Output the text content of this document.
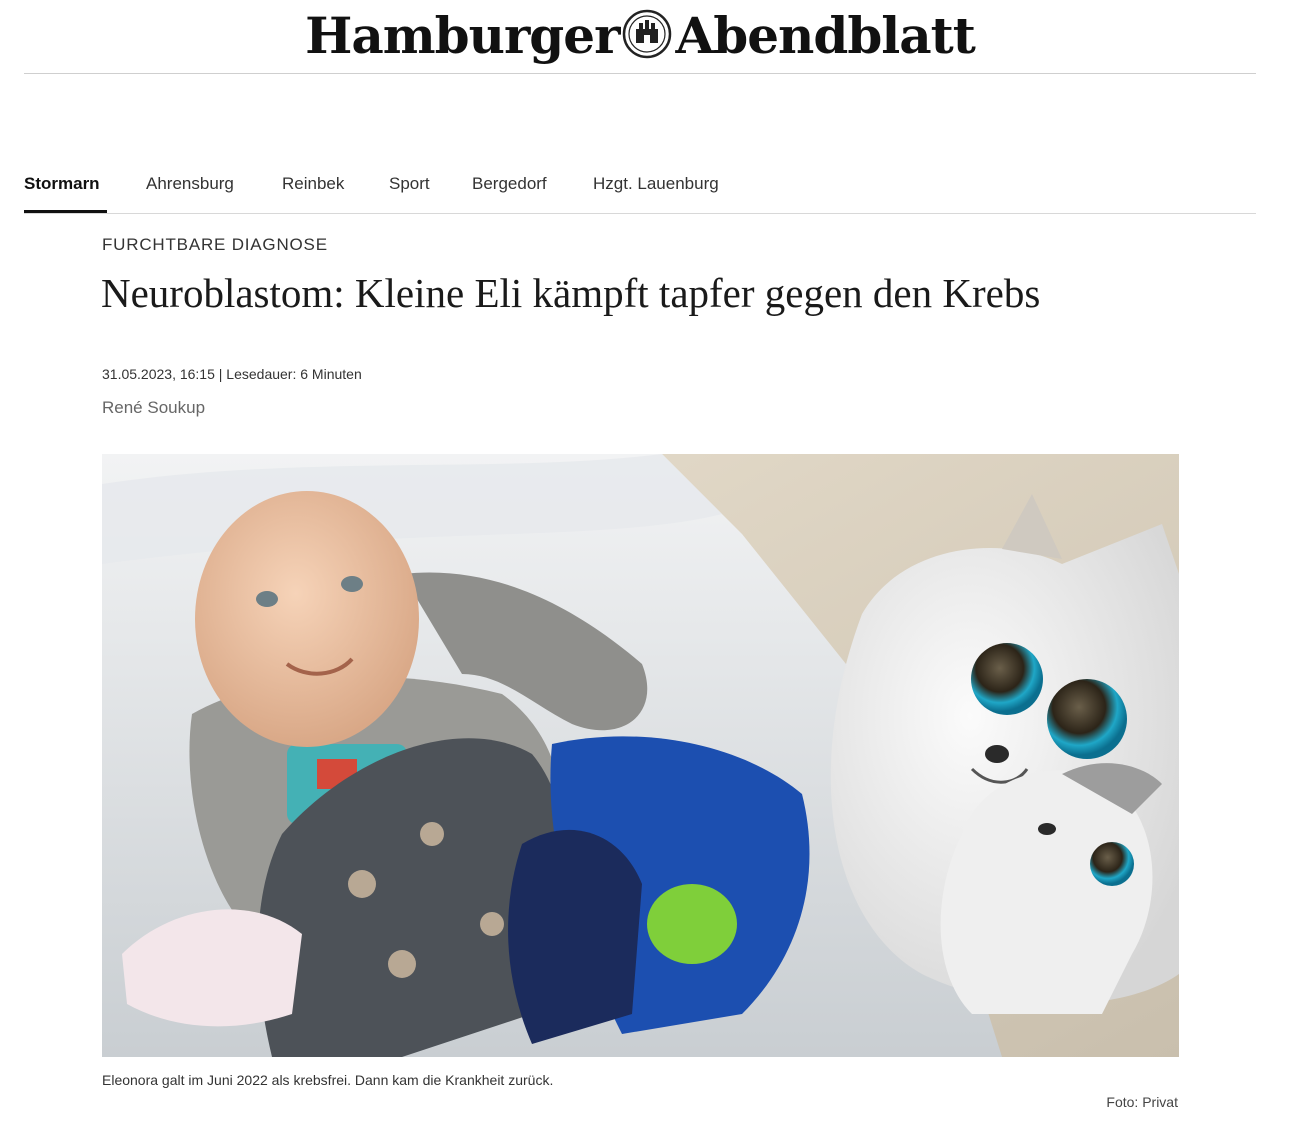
Hamburger Abendblatt
Stormarn	Ahrensburg	Reinbek	Sport Bergedorf	Hzgt. Lauenburg
FURCHTBARE DIAGNOSE
Neuroblastom: Kleine Eli kämpft tapfer gegen den Krebs
31.05.2023, 16:15 | Lesedauer: 6 Minuten
René Soukup
Eleonora galt im Juni 2022 als krebsfrei. Dann kam die Krankheit zurück.
Foto: Privat
